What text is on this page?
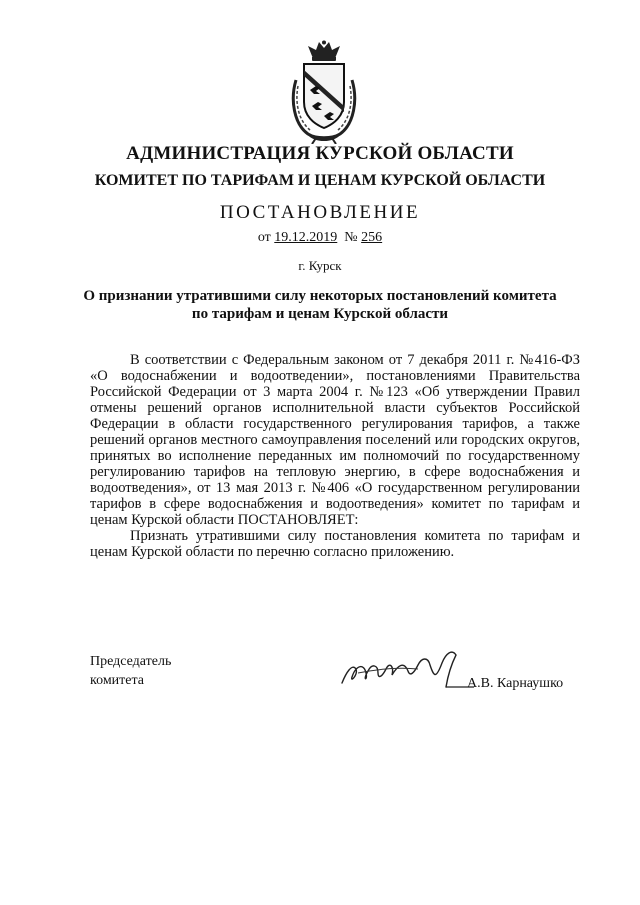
АДМИНИСТРАЦИЯ КУРСКОЙ ОБЛАСТИ
КОМИТЕТ ПО ТАРИФАМ И ЦЕНАМ КУРСКОЙ ОБЛАСТИ
ПОСТАНОВЛЕНИЕ
от 19.12.2019 № 256
г. Курск
О признании утратившими силу некоторых постановлений комитета
по тарифам и ценам Курской области

В соответствии с Федеральным законом от 7 декабря 2011 г. №416-ФЗ «О водоснабжении и водоотведении», постановлениями Правительства Российской Федерации от 3 марта 2004 г. №123 «Об утверждении Правил отмены решений органов исполнительной власти субъектов Российской Федерации в области государственного регулирования тарифов, а также решений органов местного самоуправления поселений или городских округов, принятых во исполнение переданных им полномочий по государственному регулированию тарифов на тепловую энергию, в сфере водоснабжения и водоотведения», от 13 мая 2013 г. №406 «О государственном регулировании тарифов в сфере водоснабжения и водоотведения» комитет по тарифам и ценам Курской области ПОСТАНОВЛЯЕТ:

Признать утратившими силу постановления комитета по тарифам и ценам Курской области по перечню согласно приложению.

Председатель
комитета	А.В. Карнаушко
